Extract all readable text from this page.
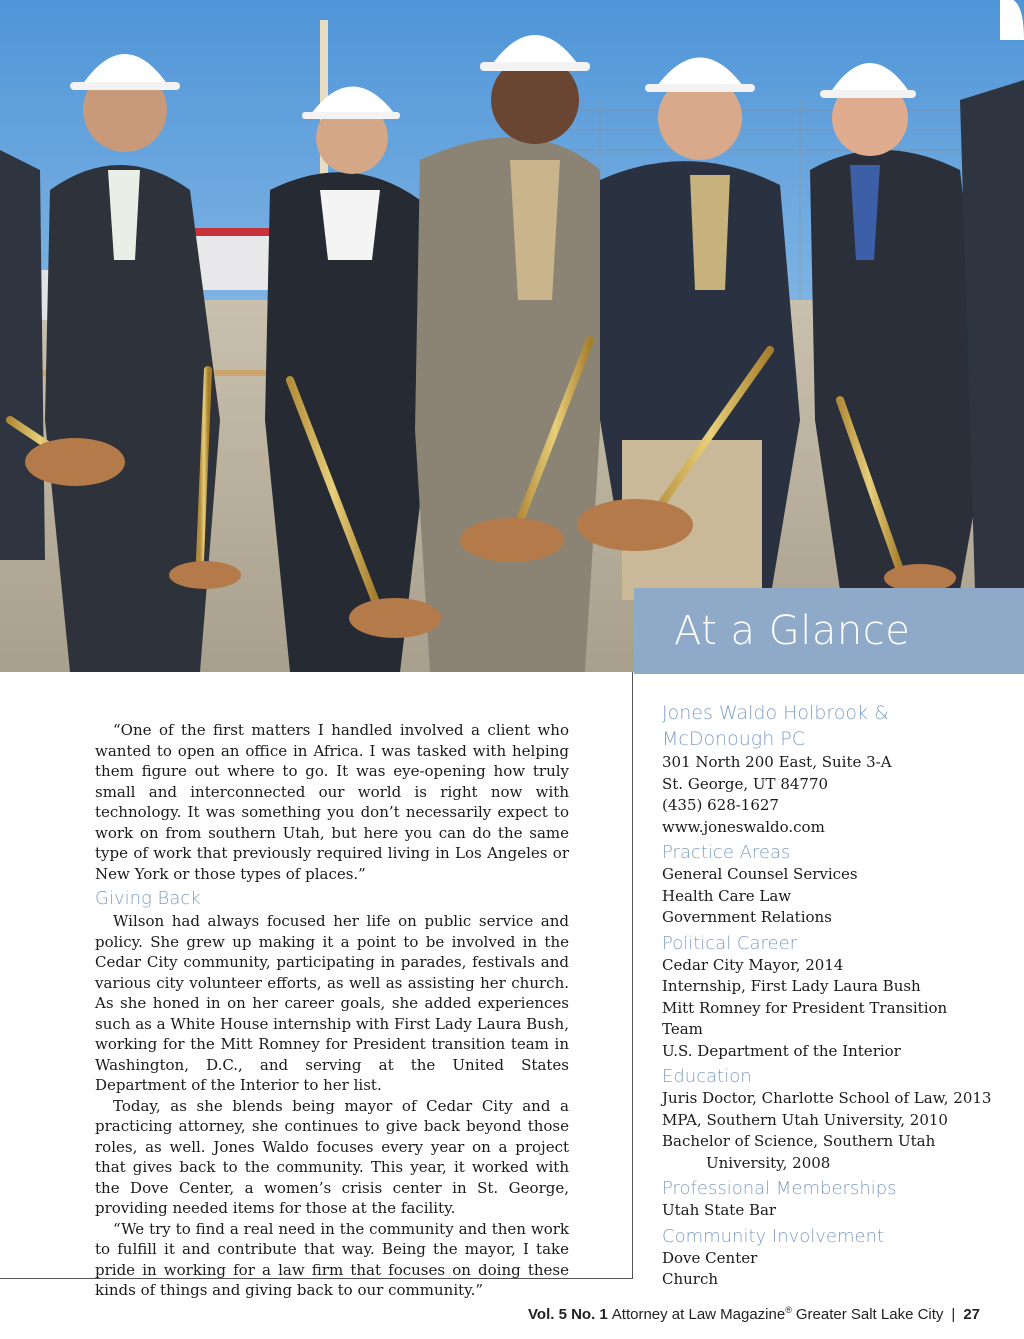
At a Glance

“One of the first matters I handled involved a client who wanted to open an office in Africa. I was tasked with helping them figure out where to go. It was eye-opening how truly small and interconnected our world is right now with technology. It was something you don’t necessarily expect to work on from southern Utah, but here you can do the same type of work that previously required living in Los Angeles or New York or those types of places.”

Giving Back

Wilson had always focused her life on public service and policy. She grew up making it a point to be involved in the Cedar City community, participating in parades, festivals and various city volunteer efforts, as well as assisting her church. As she honed in on her career goals, she added experiences such as a White House internship with First Lady Laura Bush, working for the Mitt Romney for President transition team in Washington, D.C., and serving at the United States Department of the Interior to her list.

Today, as she blends being mayor of Cedar City and a practicing attorney, she continues to give back beyond those roles, as well. Jones Waldo focuses every year on a project that gives back to the community. This year, it worked with the Dove Center, a women’s crisis center in St. George, providing needed items for those at the facility.

“We try to find a real need in the community and then work to fulfill it and contribute that way. Being the mayor, I take pride in working for a law firm that focuses on doing these kinds of things and giving back to our community.”

Jones Waldo Holbrook &
McDonough PC
301 North 200 East, Suite 3-A
St. George, UT 84770
(435) 628-1627
www.joneswaldo.com
Practice Areas
General Counsel Services
Health Care Law
Government Relations
Political Career
Cedar City Mayor, 2014
Internship, First Lady Laura Bush
Mitt Romney for President Transition Team
U.S. Department of the Interior
Education
Juris Doctor, Charlotte School of Law, 2013
MPA, Southern Utah University, 2010
Bachelor of Science, Southern Utah
University, 2008
Professional Memberships
Utah State Bar
Community Involvement
Dove Center
Church
Vol. 5 No. 1 Attorney at Law Magazine® Greater Salt Lake City | 27
